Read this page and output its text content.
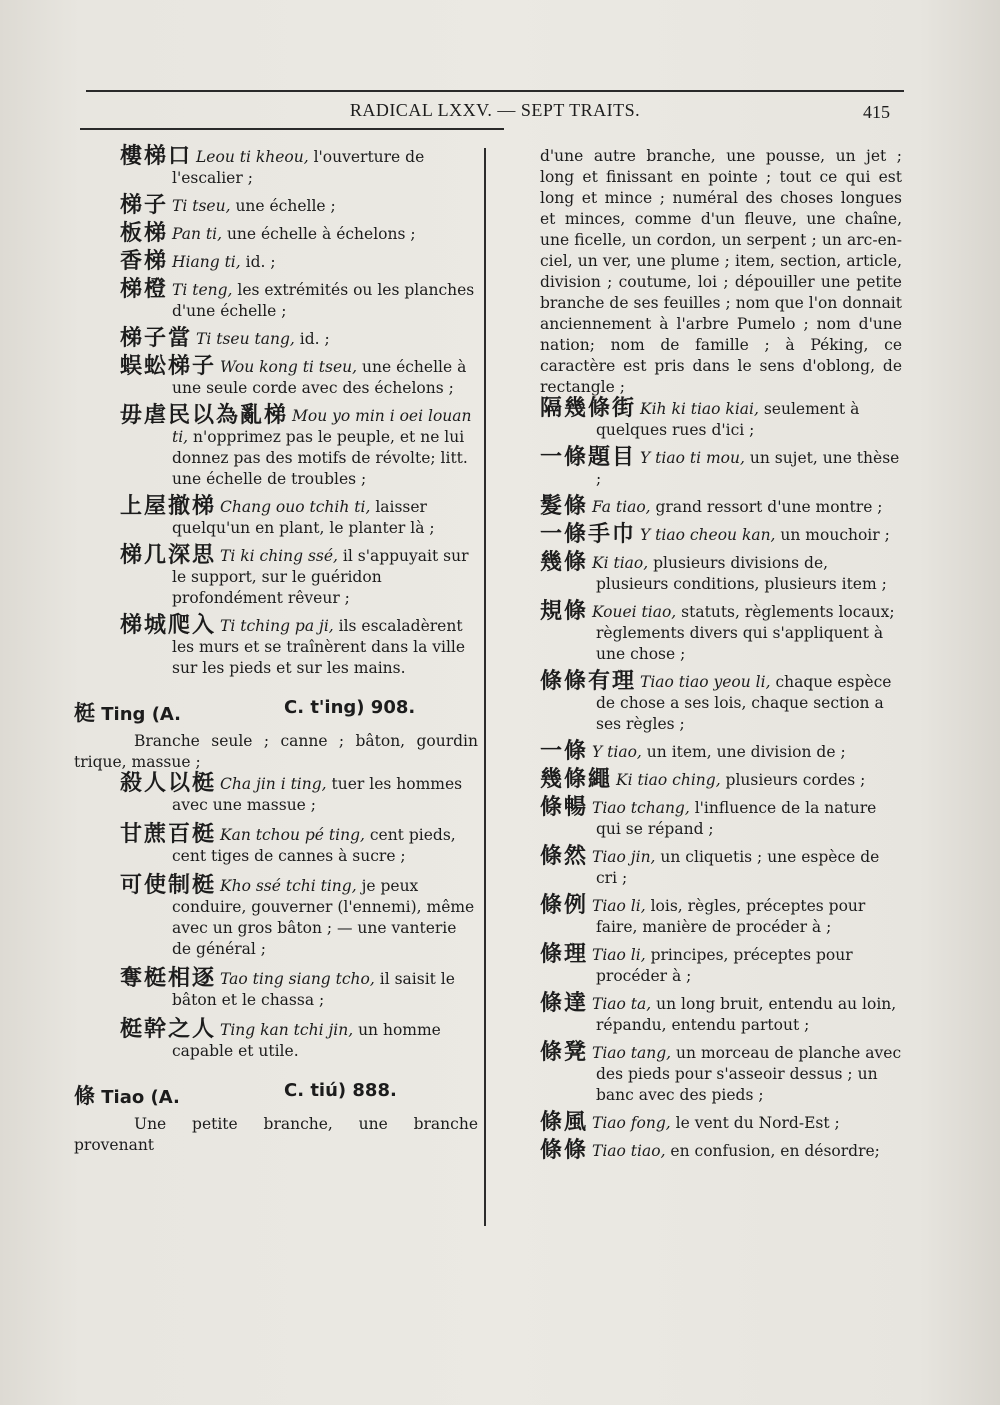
RADICAL LXXV. — SEPT TRAITS.	415
樓梯口 Leou ti kheou, l'ouverture de l'escalier ;
梯子 Ti tseu, une échelle ;
板梯 Pan ti, une échelle à échelons ;
香梯 Hiang ti, id. ;
梯橙 Ti teng, les extrémités ou les planches d'une échelle ;
梯子當 Ti tseu tang, id. ;
蜈蚣梯子 Wou kong ti tseu, une échelle à une seule corde avec des échelons ;
毋虐民以為亂梯 Mou yo min i oei louan ti, n'opprimez pas le peuple, et ne lui donnez pas des motifs de révolte; litt. une échelle de troubles ;
上屋撤梯 Chang ouo tchih ti, laisser quelqu'un en plant, le planter là ;
梯几深思 Ti ki ching ssé, il s'appuyait sur le support, sur le guéridon profondément rêveur ;
梯城爬入 Ti tching pa ji, ils escaladèrent les murs et se traînèrent dans la ville sur les pieds et sur les mains.
梃 Ting (A.	C. t'ing) 908.
Branche seule ; canne ; bâton, gourdin trique, massue ;
殺人以梃 Cha jin i ting, tuer les hommes avec une massue ;
甘蔗百梃 Kan tchou pé ting, cent pieds, cent tiges de cannes à sucre ;
可使制梃 Kho ssé tchi ting, je peux conduire, gouverner (l'ennemi), même avec un gros bâton ; — une vanterie de général ;
奪梃相逐 Tao ting siang tcho, il saisit le bâton et le chassa ;
梃幹之人 Ting kan tchi jin, un homme capable et utile.
條 Tiao (A.	C. tiú) 888.
Une petite branche, une branche provenant
d'une autre branche, une pousse, un jet ; long et finissant en pointe ; tout ce qui est long et mince ; numéral des choses longues et minces, comme d'un fleuve, une chaîne, une ficelle, un cordon, un serpent ; un arc-en-ciel, un ver, une plume ; item, section, article, division ; coutume, loi ; dépouiller une petite branche de ses feuilles ; nom que l'on donnait anciennement à l'arbre Pumelo ; nom d'une nation; nom de famille ; à Péking, ce caractère est pris dans le sens d'oblong, de rectangle ;
隔幾條街 Kih ki tiao kiai, seulement à quelques rues d'ici ;
一條題目 Y tiao ti mou, un sujet, une thèse ;
髮條 Fa tiao, grand ressort d'une montre ;
一條手巾 Y tiao cheou kan, un mouchoir ;
幾條 Ki tiao, plusieurs divisions de, plusieurs conditions, plusieurs item ;
規條 Kouei tiao, statuts, règlements locaux; règlements divers qui s'appliquent à une chose ;
條條有理 Tiao tiao yeou li, chaque espèce de chose a ses lois, chaque section a ses règles ;
一條 Y tiao, un item, une division de ;
幾條繩 Ki tiao ching, plusieurs cordes ;
條暢 Tiao tchang, l'influence de la nature qui se répand ;
條然 Tiao jin, un cliquetis ; une espèce de cri ;
條例 Tiao li, lois, règles, préceptes pour faire, manière de procéder à ;
條理 Tiao li, principes, préceptes pour procéder à ;
條達 Tiao ta, un long bruit, entendu au loin, répandu, entendu partout ;
條凳 Tiao tang, un morceau de planche avec des pieds pour s'asseoir dessus ; un banc avec des pieds ;
條風 Tiao fong, le vent du Nord-Est ;
條條 Tiao tiao, en confusion, en désordre;
